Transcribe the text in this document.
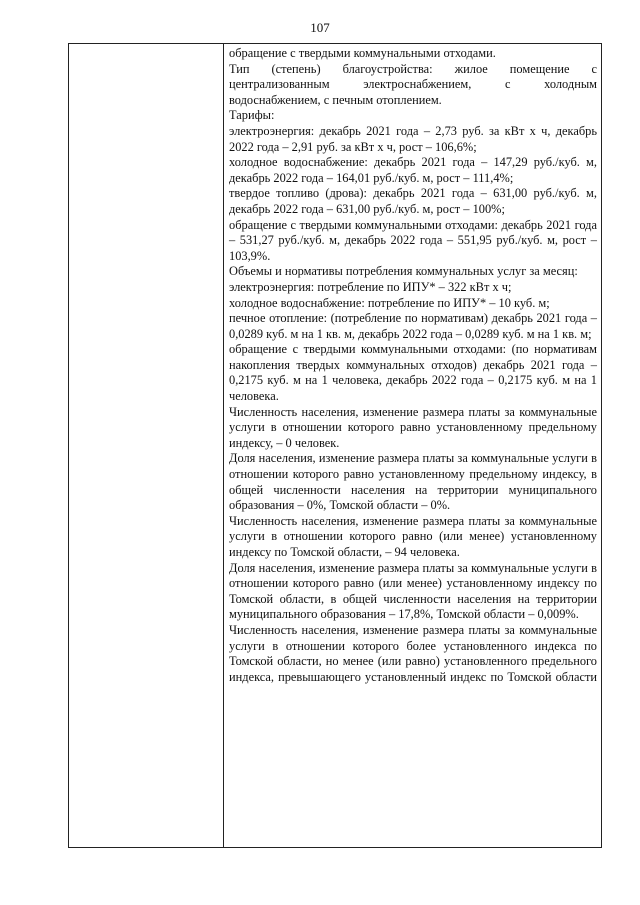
107

обращение с твердыми коммунальными отходами.

Тип (степень) благоустройства: жилое помещение с централизованным электроснабжением, с холодным водоснабжением, с печным отоплением.

Тарифы:

электроэнергия: декабрь 2021 года – 2,73 руб. за кВт х ч, декабрь 2022 года – 2,91 руб. за кВт х ч, рост – 106,6%;

холодное водоснабжение: декабрь 2021 года – 147,29 руб./куб. м, декабрь 2022 года – 164,01 руб./куб. м, рост – 111,4%;

твердое топливо (дрова): декабрь 2021 года – 631,00 руб./куб. м, декабрь 2022 года – 631,00 руб./куб. м, рост – 100%;

обращение с твердыми коммунальными отходами: декабрь 2021 года – 531,27 руб./куб. м, декабрь 2022 года – 551,95 руб./куб. м, рост – 103,9%.

Объемы и нормативы потребления коммунальных услуг за месяц:

электроэнергия: потребление по ИПУ* – 322 кВт х ч;

холодное водоснабжение: потребление по ИПУ* – 10 куб. м;

печное отопление: (потребление по нормативам) декабрь 2021 года – 0,0289 куб. м на 1 кв. м, декабрь 2022 года – 0,0289 куб. м на 1 кв. м;

обращение с твердыми коммунальными отходами: (по нормативам накопления твердых коммунальных отходов) декабрь 2021 года – 0,2175 куб. м на 1 человека, декабрь 2022 года – 0,2175 куб. м на 1 человека.

Численность населения, изменение размера платы за коммунальные услуги в отношении которого равно установленному предельному индексу, – 0 человек.

Доля населения, изменение размера платы за коммунальные услуги в отношении которого равно установленному предельному индексу, в общей численности населения на территории муниципального образования – 0%, Томской области – 0%.

Численность населения, изменение размера платы за коммунальные услуги в отношении которого равно (или менее) установленному индексу по Томской области, – 94 человека.

Доля населения, изменение размера платы за коммунальные услуги в отношении которого равно (или менее) установленному индексу по Томской области, в общей численности населения на территории муниципального образования – 17,8%, Томской области – 0,009%.

Численность населения, изменение размера платы за коммунальные услуги в отношении которого более установленного индекса по Томской области, но менее (или равно) установленного предельного индекса, превышающего установленный индекс по Томской области
